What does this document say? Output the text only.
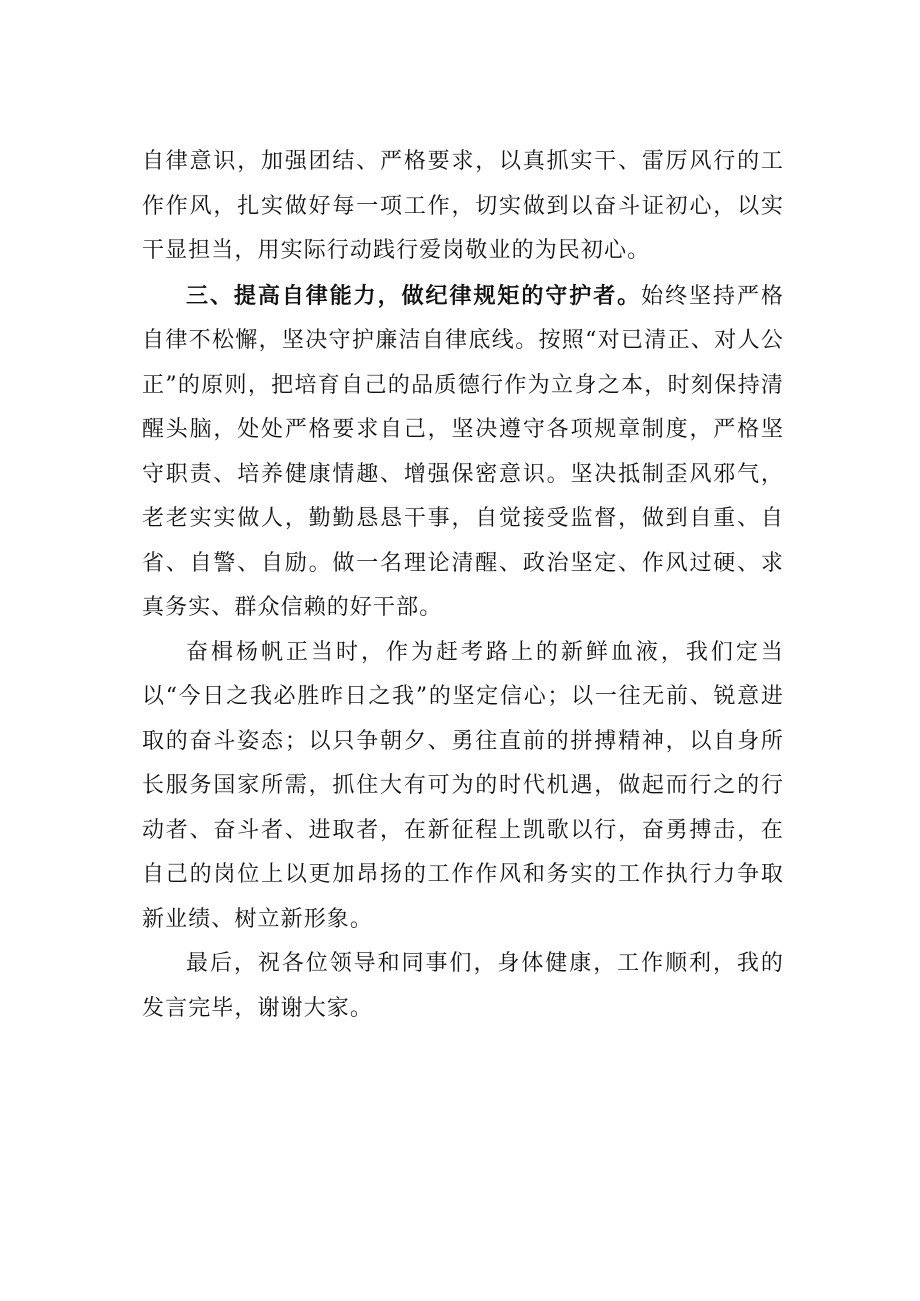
自律意识，加强团结、严格要求，以真抓实干、雷厉风行的工作作风，扎实做好每一项工作，切实做到以奋斗证初心，以实干显担当，用实际行动践行爱岗敬业的为民初心。

三、提高自律能力，做纪律规矩的守护者。始终坚持严格自律不松懈，坚决守护廉洁自律底线。按照“对已清正、对人公正”的原则，把培育自己的品质德行作为立身之本，时刻保持清醒头脑，处处严格要求自己，坚决遵守各项规章制度，严格坚守职责、培养健康情趣、增强保密意识。坚决抵制歪风邪气，老老实实做人，勤勤恳恳干事，自觉接受监督，做到自重、自省、自警、自励。做一名理论清醒、政治坚定、作风过硬、求真务实、群众信赖的好干部。

奋楫杨帆正当时，作为赶考路上的新鲜血液，我们定当以“今日之我必胜昨日之我”的坚定信心；以一往无前、锐意进取的奋斗姿态；以只争朝夕、勇往直前的拼搏精神，以自身所长服务国家所需，抓住大有可为的时代机遇，做起而行之的行动者、奋斗者、进取者，在新征程上凯歌以行，奋勇搏击，在自己的岗位上以更加昂扬的工作作风和务实的工作执行力争取新业绩、树立新形象。

最后，祝各位领导和同事们，身体健康，工作顺利，我的发言完毕，谢谢大家。
